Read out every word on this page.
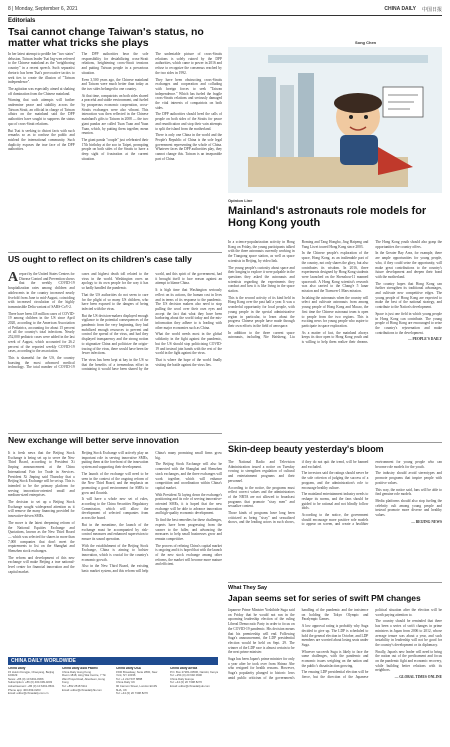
8 | Monday, September 6, 2021	CHINA DAILY 中国日报
Editorials
Tsai cannot change Taiwan's status, no matter what tricks she plays

In her latest attempt to peddle her "two states" delusion, Taiwan leader Tsai Ing-wen referred to the Chinese mainland as the "neighboring country" in a recent speech. Such separatist rhetoric has been Tsai's provocative tactics to seek ties to create the illusion of "Taiwan independence".

The agitation was especially aimed at shaking off domination from the Chinese mainland.

Warning that such attempts will further undermine peace and stability across the Taiwan Strait, an official in charge of Taiwan affairs on the mainland said the DPP authorities have sought to suppress the status quo of cross-Strait relations.

But Tsai is seeking to distort facts with such remarks so as to confuse the public and mislead the international community. Such duplicity exposes the true face of the DPP authorities.

The DPP authorities bear the sole responsibility for destabilizing cross-Strait relations, heightening cross-Strait tensions and putting Taiwan people in a precarious situation.

Even 3,500 years ago, the Chinese mainland and Taiwan were much better than today as the two sides belonged to one country.

At that time, compatriots on both sides shared a peaceful and stable environment, and fueled by prosperous economic cooperation, cross-Straits exchanges were also vibrant. This interaction was then reflected in the Chinese mainland's gifts to Taiwan in 2008 — the two giant pandas are called Tuan Tuan and Yuan Yuan, which, by putting them together, mean reunion.

The giant panda "couple" just celebrated their 17th birthday at the zoo in Taipei, prompting people on both sides of the Straits to have a deep sight of frustration at the current situation.

The undeniable picture of cross-Straits relations is solely ruined by the DPP authorities, which came to power in 2016 and refuse to recognize the consensus reached by the two sides in 1992.

They have been obstructing cross-Straits exchanges and cooperation and colluding with foreign forces to seek "Taiwan independence." Which has fueled the fragile cross-Straits relations and seriously damaged the vital interests of compatriots on both sides.

The DPP authorities should heed the calls of people on both sides of the Straits for peace and reunification and stop their vain attempts to split the island from the motherland.

There is only one China in the world and the People's Republic of China is the sole legal government representing the whole of China. Whatever faces the DPP authorities play, they cannot change this. Taiwan is an inseparable part of China.

Song Chen
Opinion Line
Mainland's astronauts role models for Hong Kong youth

In a science-popularization activity in Hong Kong on Friday, the young participants talked with the three astronauts currently working in the Tiangong space station, as well as space scientists in Beijing, by video link.

The young people's curiosity about space and their longing to explore it were palpable in the questions they asked the astronauts and scientists regarding the experiments they conduct and how it is like living in the space station.

This is the second activity of its kind held in Hong Kong over the past half a year. It was a wonderful opportunity for local people, with young people in the special administrative region in particular, to learn about the progress Chinese people have made through their own efforts in the field of aerospace.

In addition to the three current space astronauts, including Nie Haisheng, Liu Boming and Tang Hongbo, Jing Haipeng and Yang Liwei toured Hong Kong since 2003.

In the Chinese people's exploration of the space, Hong Kong, as an inalienable part of the country, not only shares the glory, but also contributes its wisdom. In 2016, three experiments designed by Hong Kong students were launched on the Shenzhou-11 manned spacecraft. A Hong Kong scientist's research was also carried to the Chang'e 5 lunar mission and the Tianwen-1 Mars mission.

In taking the astronauts when the country will select and cultivate astronauts from among young people of Hong Kong and Macao, the first time the Chinese astronaut team is open to people from the two regions. This is exciting news for young people who aspire to participate in space exploration.

As a matter of fact, the mainland always keeps its door open to Hong Kong youth and is willing to help them realize their dreams. The Hong Kong youth should also grasp the opportunities the country offers.

In the Greater Bay Area, for example, there are ample opportunities for young people, who, if they could seize the opportunity, will make great contributions to the country's future development and deepen their bond with the motherland.

The country hopes that Hong Kong can further strengthen its traditional advantages, and cultivate new competitive edges. The young people of Hong Kong are expected to make the best of the national strategy, and contribute to the Nation's development.

Space is just one field in which young people in Hong Kong can contribute. The young people of Hong Kong are encouraged to seize the country's rejuvenation and make contributions to the development.

— PEOPLE'S DAILY

US ought to reflect on its children's case tally

A report by the United States Centers for Disease Control and Prevention shows that the weekly COVID-19 hospitalization rates among children and adolescents in the country increased nearly fivefold from June to mid-August, coinciding with increased circulation of the highly transmissible Delta variant of SARS-CoV-2.

There have been 4.8 million cases of COVID-19 among children in the US since April 2020, according to the American Association of Pediatrics, accounting for about 15 percent of all the country's total infections. Nearly 252,000 pediatric cases were added in the last week of August, which accounted for 26.2 percent of the reported weekly COVID-19 cases, according to the association.

This is shameful for the US, the country boasting the most advanced medical technology. The total number of COVID-19 cases and highest death toll related to the virus in the world. Washington owes an apology to its own people for the way it has so badly handled the pandemic.

That the US authorities do not seem to care for the plight of so many US children, who have been exposed to the dangers of being infected with the virus.

But the US decision-makers displayed enough vigilance to the potential consequences of the pandemic from the very beginning, they had mobilized enough resources to prevent and control the spread of the virus, and had they displayed transparency and the strong notion to stigmatize China and politicize the origin-tracing of the virus, there would have been far fewer infections.

The virus has been kept at bay in the US so that the benefits of a tremendous effort in containing it would have been shared by the world, and this spirit of the government, had it brought itself to face reason against an attempt to blame China.

It is high time that Washington seriously reflect on its actions, the human cost in lives and in terms of its response to the pandemic. The US decision makers also need to stop pulling the wool over their own eyes and accept the fact that what they have been harboring about the world today and the mis-information they adhere to is leading with other major economies such as China.

What the world needs most in the global solidarity in the fight against the pandemic, but the US should stop politicizing COVID-19 and instead join hands with the rest of the world in the fight against the virus.

That is where the hope of the world finally visiting the battle against the virus lies.

New exchange will better serve innovation

It is fresh news that the Beijing Stock Exchange is being set up to serve the New Third Board, according to President Xi Jinping announcement at the China International Fair for Trade in Services. President Xi Jinping said Thursday that a Beijing Stock Exchange will be set up. This is intended to be the primary platform for serving innovation-oriented small and medium-sized enterprises.

The decision to set up a Beijing Stock Exchange sought widespread attention as it will remove the many financing provided for innovative-driven SMEs.

The move is the latest deepening reform of the National Equities Exchange and Quotations, known as the New Third Board — which was selected for shares in more than 7,000 companies that don't meet the requirements to list on the Shanghai and Shenzhen stock exchanges.

The reform and development of this new exchange will make Beijing a true national-level center for financial innovation and the capital market.

Beijing Stock Exchange will actively play an important role in serving innovative SMEs, putting them at the forefront of the innovation system and supporting their development.

The launch of the exchange will need to be seen in the context of the ongoing reform of the New Third Board, and the emphasis on promoting a good environment for SMEs to grow and flourish.

It will have a whole new set of rules, according to the China Securities Regulatory Commission, which will allow the development of selected companies from across the board.

But in the meantime, the launch of the exchange must be accompanied by risk-control measures and enhanced supervision to ensure its sound operation.

With the establishment of the Beijing Stock Exchange, China is aiming to bolster innovation, which is crucial for the country's economic growth.

Also in the New Third Board, the existing basic market system, and this reform will help China's many promising small firms grow big.

The Beijing Stock Exchange will also be connected with the Shanghai and Shenzhen stock exchanges, and the three exchanges will work together, which will enhance competition and coordination within China's capital market.

With President Xi laying down the exchange's positioning and its role of serving innovative-oriented SMEs, it is hoped that the new exchange will be able to advance innovation and high-quality economic development.

To find the best remedies for these challenges, experts have been progressing from the sooner to the fuller, and advancing the measures to help small businesses grow and remain competitive.

The process of refining China's capital market is ongoing and it is hoped that with the launch of the new stock exchange among other reforms, the market will become more mature and efficient.

Skin-deep beauty yesterday's bloom

The National Radio and Television Administration issued a notice on Tuesday vowing to strengthen regulation of cultural and entertainment programs and their personnel.

According to the notice, the programs must reflect correct values and the administrators of the NRTA are not allowed to broadcast programs that promote "sissy men" and sexualize content.

Those kinds of programs have long been criticized as being "sissy" and sexualized shows, and the leading actors in such shows, if they do not quit the trend, will be banned and excluded.

The investors said the ratings should never be the sole criterion of judging the success of a program, and the administration's role to encourage healthy culture.

The mainland entertainment industry needs to reshape its norms, and the fans should be guided to be rational and not blindly follow idols.

According to the notice, the government should encourage more positive role models to appear on screen, and create a healthier environment for young people who can become role models for the youth.

The industry should avoid stereotypes and promote programs that inspire people with positive values.

This way, the notice said, fans will be able to find genuine role models.

Media platforms should also stop fueling the celebrity cult among young people and instead promote more diverse and healthy values.

— BEIJING NEWS

What They Say
Japan seems set for series of swift PM changes

Japanese Prime Minister Yoshihide Suga said on Friday that he would not run in the upcoming leadership election of the ruling Liberal Democratic Party in order to focus on the COVID-19 pandemic. His decision means that his premiership will end. Following Suga's announcement, the LDP presidential election would be held on Sept. 29. The winner of the LDP race is almost certain to be the next prime minister.

Suga has been Japan's prime minister for only a year after he took over from Shinzo Abe who resigned for health reasons. However, Suga's popularity plunged to historic lows amid public criticism of the government's handling of the pandemic and the insistence on holding the Tokyo Olympic and Paralympic Games.

A low approval rating is probably why Suga decided to give up. The LDP is scheduled to hold the general election in October, and LDP members are worried about losing seats under Suga.

Whoever succeeds Suga is likely to face the same challenges, with the pandemic and economic issues weighing on the nation and the public's dissatisfaction growing.

The ensuing LDP presidential election will be fierce, but the direction of the Japanese political situation after the election will be worth paying attention to.

The country should be reminded that there has been a series of swift changes in prime ministers in Japan from 2006 to 2012, whose average tenure was about a year, and such instability in leadership will not be good for the country's development or its diplomacy.

Finally, Japan's new leader will need to bring the nation out of the predicament and focus on the pandemic fight and economic recovery, while building better relations with its neighbors.

— GLOBAL TIMES ONLINE

CHINA DAILY WORLDWIDE
China Daily
15 Huixin Dongjie, Chaoyang, Beijing 100029
News: +86 (0) 10 6491-8366
Subscription: +86 (0) 400-699-0203
Advertisement: +86 (0) 10 6491-8631
Phone app: 400-699-0203
Email: editor@chinadaily.com.cn
China Daily Asia Pacific
China Daily Hong Kong
Room 1818, Hing Wai Centre, 7 Tin Wan Praya Road, Aberdeen, Hong Kong
Tel: +852 2518 5111
Email: editor@chinadailyhk.com
China Daily USA
1500 Broadway, Suite 2800, New York, NY 10036
Tel: +1 212 537 8888
China Daily UK
90 Cannon Street, London EC4N 6HA, UK
Tel: +44 (0) 20 7398 8270
China Daily Africa
P.O. Box 27281-00506, Nairobi, Kenya
Tel: +254 (0) 20 692 0900
China Daily Europe
Tel: +44 (0) 20 7398 8270
Email: editor@chinadailyuk.com
